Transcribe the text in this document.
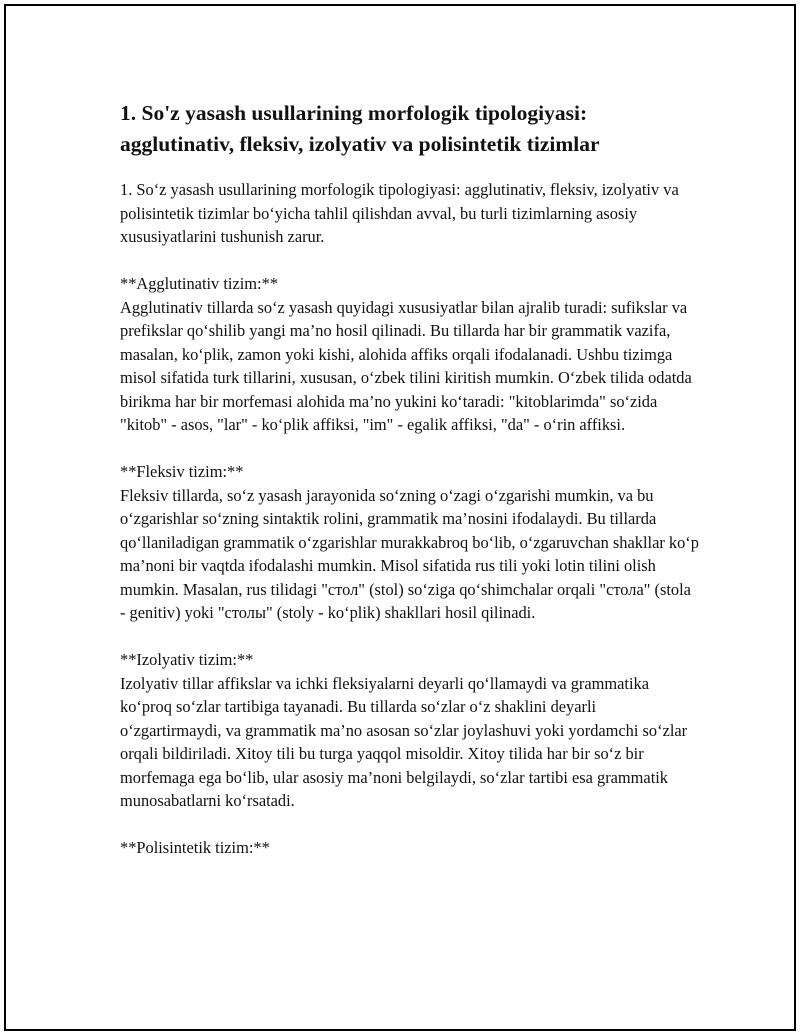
1. So'z yasash usullarining morfologik tipologiyasi: agglutinativ, fleksiv, izolyativ va polisintetik tizimlar

1. So‘z yasash usullarining morfologik tipologiyasi: agglutinativ, fleksiv, izolyativ va polisintetik tizimlar bo‘yicha tahlil qilishdan avval, bu turli tizimlarning asosiy xususiyatlarini tushunish zarur.

**Agglutinativ tizim:**

Agglutinativ tillarda so‘z yasash quyidagi xususiyatlar bilan ajralib turadi: sufikslar va prefikslar qo‘shilib yangi ma’no hosil qilinadi. Bu tillarda har bir grammatik vazifa, masalan, ko‘plik, zamon yoki kishi, alohida affiks orqali ifodalanadi. Ushbu tizimga misol sifatida turk tillarini, xususan, o‘zbek tilini kiritish mumkin. O‘zbek tilida odatda birikma har bir morfemasi alohida ma’no yukini ko‘taradi: "kitoblarimda" so‘zida "kitob" - asos, "lar" - ko‘plik affiksi, "im" - egalik affiksi, "da" - o‘rin affiksi.

**Fleksiv tizim:**

Fleksiv tillarda, so‘z yasash jarayonida so‘zning o‘zagi o‘zgarishi mumkin, va bu o‘zgarishlar so‘zning sintaktik rolini, grammatik ma’nosini ifodalaydi. Bu tillarda qo‘llaniladigan grammatik o‘zgarishlar murakkabroq bo‘lib, o‘zgaruvchan shakllar ko‘p ma’noni bir vaqtda ifodalashi mumkin. Misol sifatida rus tili yoki lotin tilini olish mumkin. Masalan, rus tilidagi "стол" (stol) so‘ziga qo‘shimchalar orqali "стола" (stola - genitiv) yoki "столы" (stoly - ko‘plik) shakllari hosil qilinadi.

**Izolyativ tizim:**

Izolyativ tillar affikslar va ichki fleksiyalarni deyarli qo‘llamaydi va grammatika ko‘proq so‘zlar tartibiga tayanadi. Bu tillarda so‘zlar o‘z shaklini deyarli o‘zgartirmaydi, va grammatik ma’no asosan so‘zlar joylashuvi yoki yordamchi so‘zlar orqali bildiriladi. Xitoy tili bu turga yaqqol misoldir. Xitoy tilida har bir so‘z bir morfemaga ega bo‘lib, ular asosiy ma’noni belgilaydi, so‘zlar tartibi esa grammatik munosabatlarni ko‘rsatadi.

**Polisintetik tizim:**
